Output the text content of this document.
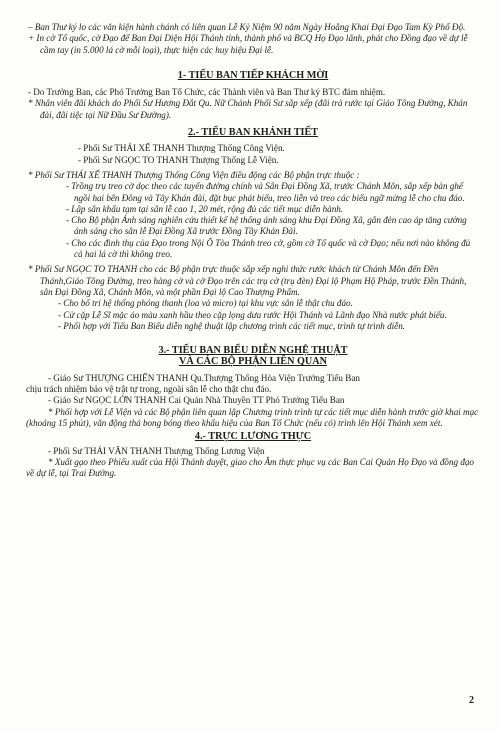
– Ban Thư ký lo các văn kiện hành chánh có liên quan Lễ Kỷ Niệm 90 năm Ngày Hoằng Khai Đại Đạo Tam Kỳ Phổ Độ.

+ In cờ Tổ quốc, cờ Đạo để Ban Đại Diện Hội Thánh tỉnh, thành phố và BCQ Họ Đạo lãnh, phát cho Đồng đạo về dự lễ cầm tay (in 5.000 lá cờ mỗi loại), thực hiện các huy hiệu Đại lễ.

1- TIỂU BAN TIẾP KHÁCH MỜI

- Do Trưởng Ban, các Phó Trưởng Ban Tổ Chức, các Thành viên và Ban Thư ký BTC đảm nhiệm.

* Nhân viên đãi khách do Phối Sư Hương Đắt Qu. Nữ Chánh Phối Sư sắp xếp (đãi trà rước tại Giáo Tông Đường, Khán đài, đãi tiệc tại Nữ Đầu Sư Đường).

2.- TIỂU BAN KHÁNH TIẾT

- Phối Sư THÁI XẾ THANH Thượng Thống Công Viện.

- Phối Sư NGỌC TO THANH Thượng Thống Lễ Viện.

* Phối Sư THÁI XẾ THANH Thượng Thống Công Viện điều động các Bộ phận trực thuộc :

- Trồng trụ treo cờ dọc theo các tuyến đường chính và Sân Đại Đồng Xã, trước Chánh Môn, sắp xếp bàn ghế ngồi hai bên Đông và Tây Khán đài, đặt bục phát biểu, treo liễn và treo các biểu ngữ mừng lễ cho chu đáo.

- Lập sân khấu tạm tại sân lễ cao 1, 20 mét, rộng đủ các tiết mục diễn hành.

- Cho Bộ phận Ánh sáng nghiên cứu thiết kế hệ thống ánh sáng khu Đại Đồng Xã, gắn đèn cao áp tăng cường ánh sáng cho sân lễ Đại Đồng Xã trước Đồng Tây Khán Đài.

- Cho các đình thụ của Đạo trong Nội Ô Tòa Thánh treo cờ, gồm cờ Tổ quốc và cờ Đạo; nếu nơi nào không đủ cả hai lá cờ thì không treo.

* Phối Sư NGỌC TO THANH cho các Bộ phận trực thuộc sắp xếp nghi thức rước khách từ Chánh Môn đến Đền Thánh,Giáo Tông Đường, treo hàng cờ và cờ Đạo trên các trụ cờ (trụ đèn) Đại lộ Phạm Hộ Pháp, trước Đền Thánh, sân Đại Đồng Xã, Chánh Môn, và một phần Đại lộ Cao Thượng Phẩm.

- Cho bố trí hệ thống phóng thanh (loa và micro) tại khu vực sân lễ thật chu đáo.

- Cử cặp Lễ Sĩ mặc áo màu xanh hầu theo cặp lọng dưa rước Hội Thánh và Lãnh đạo Nhà nước phát biểu.

- Phối hợp với Tiểu Ban Biểu diễn nghệ thuật lập chương trình các tiết mục, trình tự trình diễn.

3.- TIỂU BAN BIỂU DIỄN NGHỆ THUẬT

VÀ CÁC BỘ PHẬN LIÊN QUAN

- Giáo Sư THƯỢNG CHIẾN THANH Qu.Thượng Thống Hòa Viện Trưởng Tiểu Ban

chịu trách nhiệm bảo vệ trật tự trong, ngoài sân lễ cho thật chu đáo.

- Giáo Sư NGỌC LỚN THANH Cai Quản Nhà Thuyền TT Phó Trưởng Tiểu Ban

* Phối hợp với Lễ Viện và các Bộ phận liên quan lập Chương trình trình tự các tiết mục diễn hành trước giờ khai mạc (khoảng 15 phút), văn động thả bong bóng theo khẩu hiệu của Ban Tổ Chức (nếu có) trình lên Hội Thánh xem xét.

4.- TRỰC LƯƠNG THỰC

- Phối Sư THÁI VĂN THANH Thượng Thống Lương Viện

* Xuất gạo theo Phiếu xuất của Hội Thánh duyệt, giao cho Âm thực phục vụ các Ban Cai Quản Họ Đạo và đồng đạo về dự lễ, tại Trai Đường.

2
